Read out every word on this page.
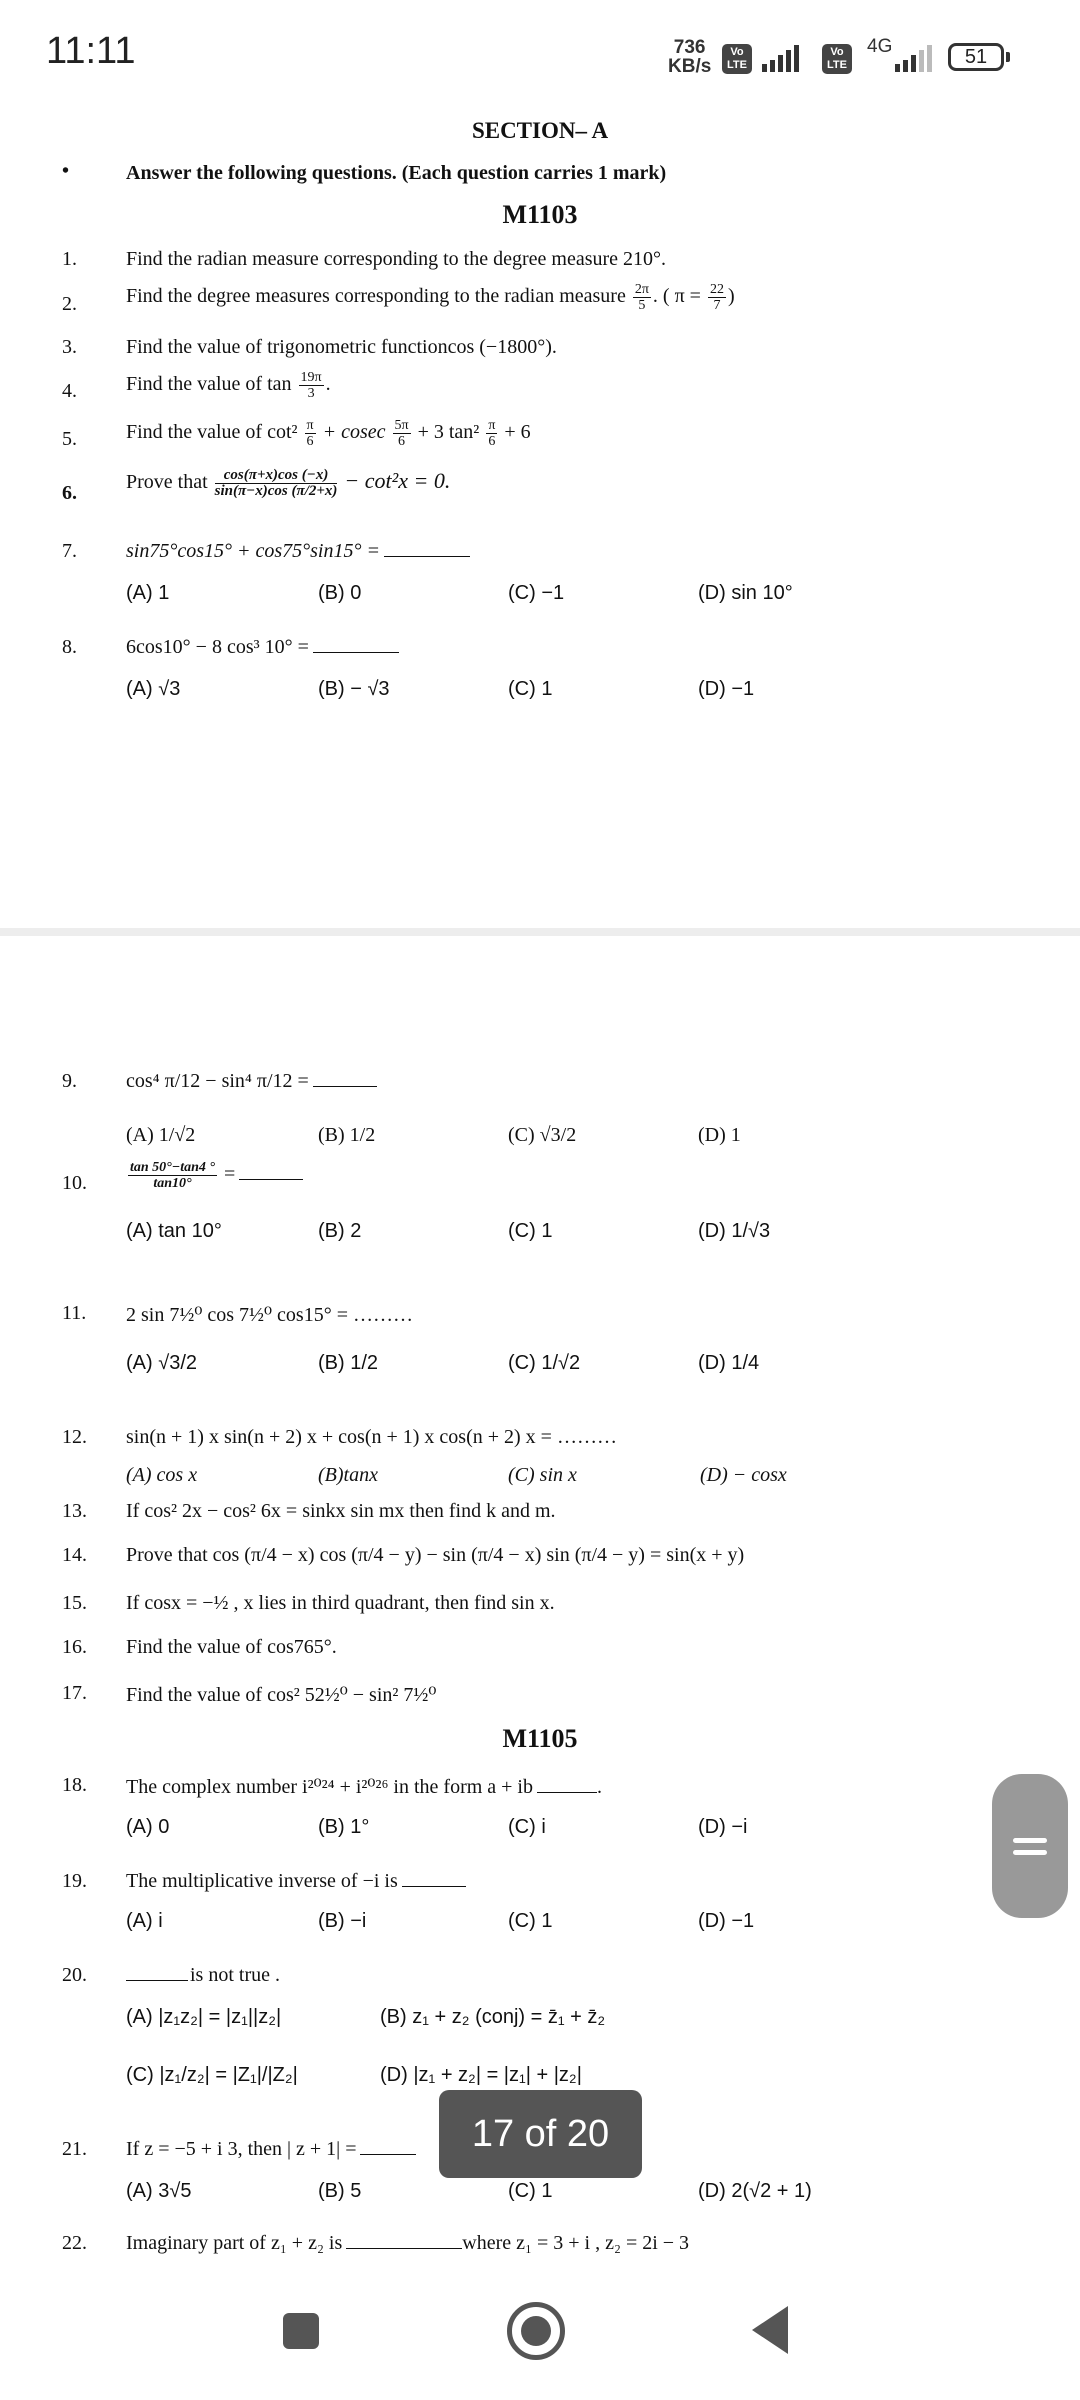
11:11	736
KB/s
Vo LTE
Vo LTE
4G	51
SECTION– A
•	Answer the following questions. (Each question carries 1 mark)
M1103
1. Find the radian measure corresponding to the degree measure 210°.
2. Find the degree measures corresponding to the radian measure $\frac{2\pi}{5}$ . ( $\pi = \frac{22}{7}$ )
3. Find the value of trigonometric functioncos (−1800°).
4. Find the value of $\tan \frac{19\pi}{3}$ .
5. Find the value of $\cot^2 \frac{\pi}{6} + cosec \frac{5\pi}{6} + 3$ $\tan^2 \frac{\pi}{6} + 6$
6. Prove that $\frac{\cos(\pi+x)\cos (-x)}{\sin(\pi-x)\cos (\pi/2+x)} - \cot^2x = 0$.
7. sin75°cos15° + cos75°sin15° =
(A) 1	(B) 0	(C) −1	(D) sin 10°
8. 6cos10° − 8 cos³ 10° =
(A) √3	(B) − √3	(C) 1	(D) −1
9. cos⁴ π/12 − sin⁴ π/12 =
(A) 1/√2	(B) 1/2	(C) √3/2	(D) 1
10.	$\frac{\tan 50^\circ-\tan 4 ^\circ}{\tan 10^\circ}$ =
(A) tan 10°	(B) 2	(C) 1	(D) 1/√3
11. 2 sin 7½⁰ cos 7½⁰ cos15° = ………
(A) √3/2	(B) 1/2	(C) 1/√2	(D) 1/4
12. sin(n + 1) x sin(n + 2) x + cos(n + 1) x cos(n + 2) x = ………
(A) cos x	(B)tanx	(C) sin x	(D) − cosx
13. If cos² 2x − cos² 6x = sinkx sin mx then find k and m.
14. Prove that cos (π/4 − x) cos (π/4 − y) − sin (π/4 − x) sin (π/4 − y) = sin(x + y)
15. If cosx = −½ , x lies in third quadrant, then find sin x.
16. Find the value of cos765°.
17. Find the value of cos² 52½⁰ − sin² 7½⁰
M1105
18. The complex number i²⁰²⁴ + i²⁰²⁶ in the form a + ib	.
(A) 0	(B) 1°	(C) i	(D) −i
19. The multiplicative inverse of −i is
(A) i	(B) −i	(C) 1	(D) −1
20.	is not true .
(A) |z₁z₂| = |z₁||z₂|	(B) z₁ + z₂ (conj) = z̄₁ + z̄₂
(C) |z₁/z₂| = |Z₁|/|Z₂|	(D) |z₁ + z₂| = |z₁| + |z₂|
21. If z = −5 + i 3, then | z + 1| =
(A) 3√5	(B) 5	(C) 1	(D) 2(√2 + 1)
22. Imaginary part of z₁ + z₂ is	where z₁ = 3 + i , z₂ = 2i − 3
17 of 20
